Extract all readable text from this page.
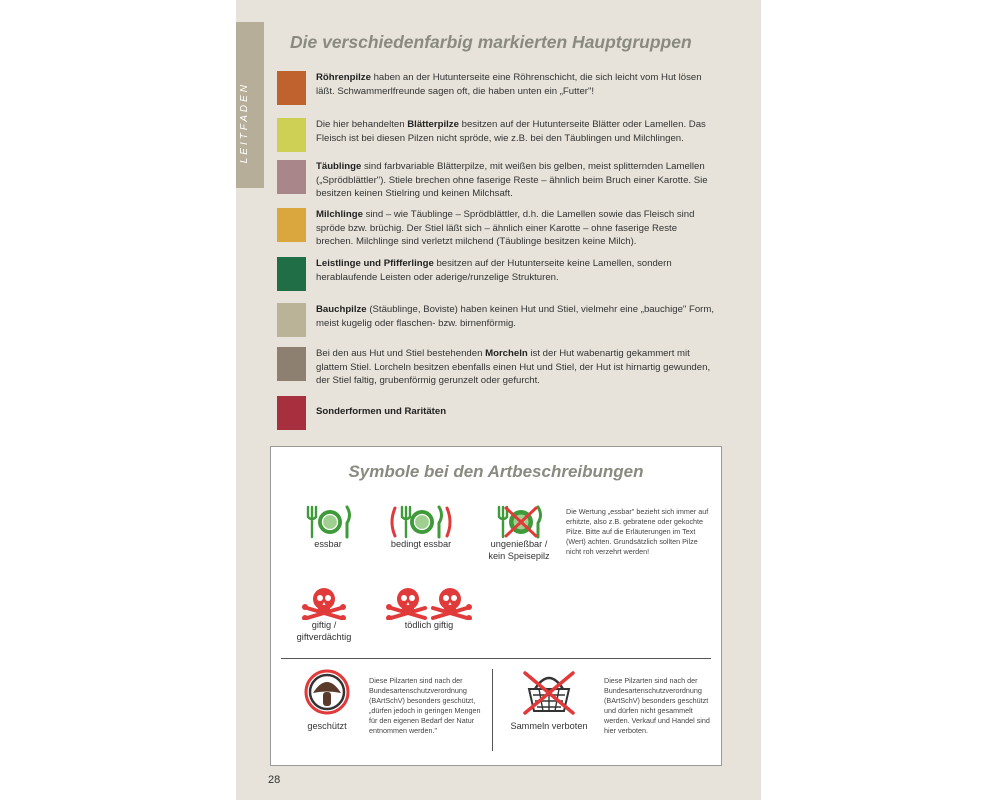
LEITFADEN
Die verschiedenfarbig markierten Hauptgruppen
Röhrenpilze haben an der Hutunterseite eine Röhrenschicht, die sich leicht vom Hut lösen läßt. Schwammerlfreunde sagen oft, die haben unten ein „Futter"!
Die hier behandelten Blätterpilze besitzen auf der Hutunterseite Blätter oder Lamellen. Das Fleisch ist bei diesen Pilzen nicht spröde, wie z.B. bei den Täublingen und Milchlingen.
Täublinge sind farbvariable Blätterpilze, mit weißen bis gelben, meist splitternden Lamellen („Sprödblättler"). Stiele brechen ohne faserige Reste – ähnlich beim Bruch einer Karotte. Sie besitzen keinen Stielring und keinen Milchsaft.
Milchlinge sind – wie Täublinge – Sprödblättler, d.h. die Lamellen sowie das Fleisch sind spröde bzw. brüchig. Der Stiel läßt sich – ähnlich einer Karotte – ohne faserige Reste brechen. Milchlinge sind verletzt milchend (Täublinge besitzen keine Milch).
Leistlinge und Pfifferlinge besitzen auf der Hutunterseite keine Lamellen, sondern herablaufende Leisten oder aderige/runzelige Strukturen.
Bauchpilze (Stäublinge, Boviste) haben keinen Hut und Stiel, vielmehr eine „bauchige" Form, meist kugelig oder flaschen- bzw. birnenförmig.
Bei den aus Hut und Stiel bestehenden Morcheln ist der Hut wabenartig gekammert mit glattem Stiel. Lorcheln besitzen ebenfalls einen Hut und Stiel, der Hut ist hirnartig gewunden, der Stiel faltig, grubenförmig gerunzelt oder gefurcht.
Sonderformen und Raritäten
Symbole bei den Artbeschreibungen
essbar	bedingt essbar	ungenießbar /
kein Speisepilz
Die Wertung „essbar" bezieht sich immer auf erhitzte, also z.B. gebratene oder gekochte Pilze. Bitte auf die Erläuterungen im Text (Wert) achten. Grundsätzlich sollten Pilze nicht roh verzehrt werden!
giftig /
giftverdächtig
tödlich giftig
geschützt
Diese Pilzarten sind nach der Bundesartenschutzverordnung (BArtSchV) besonders geschützt, „dürfen jedoch in geringen Mengen für den eigenen Bedarf der Natur entnommen werden."	Sammeln verboten
Diese Pilzarten sind nach der Bundesartenschutzverordnung (BArtSchV) besonders geschützt und dürfen nicht gesammelt werden. Verkauf und Handel sind hier verboten.
28
